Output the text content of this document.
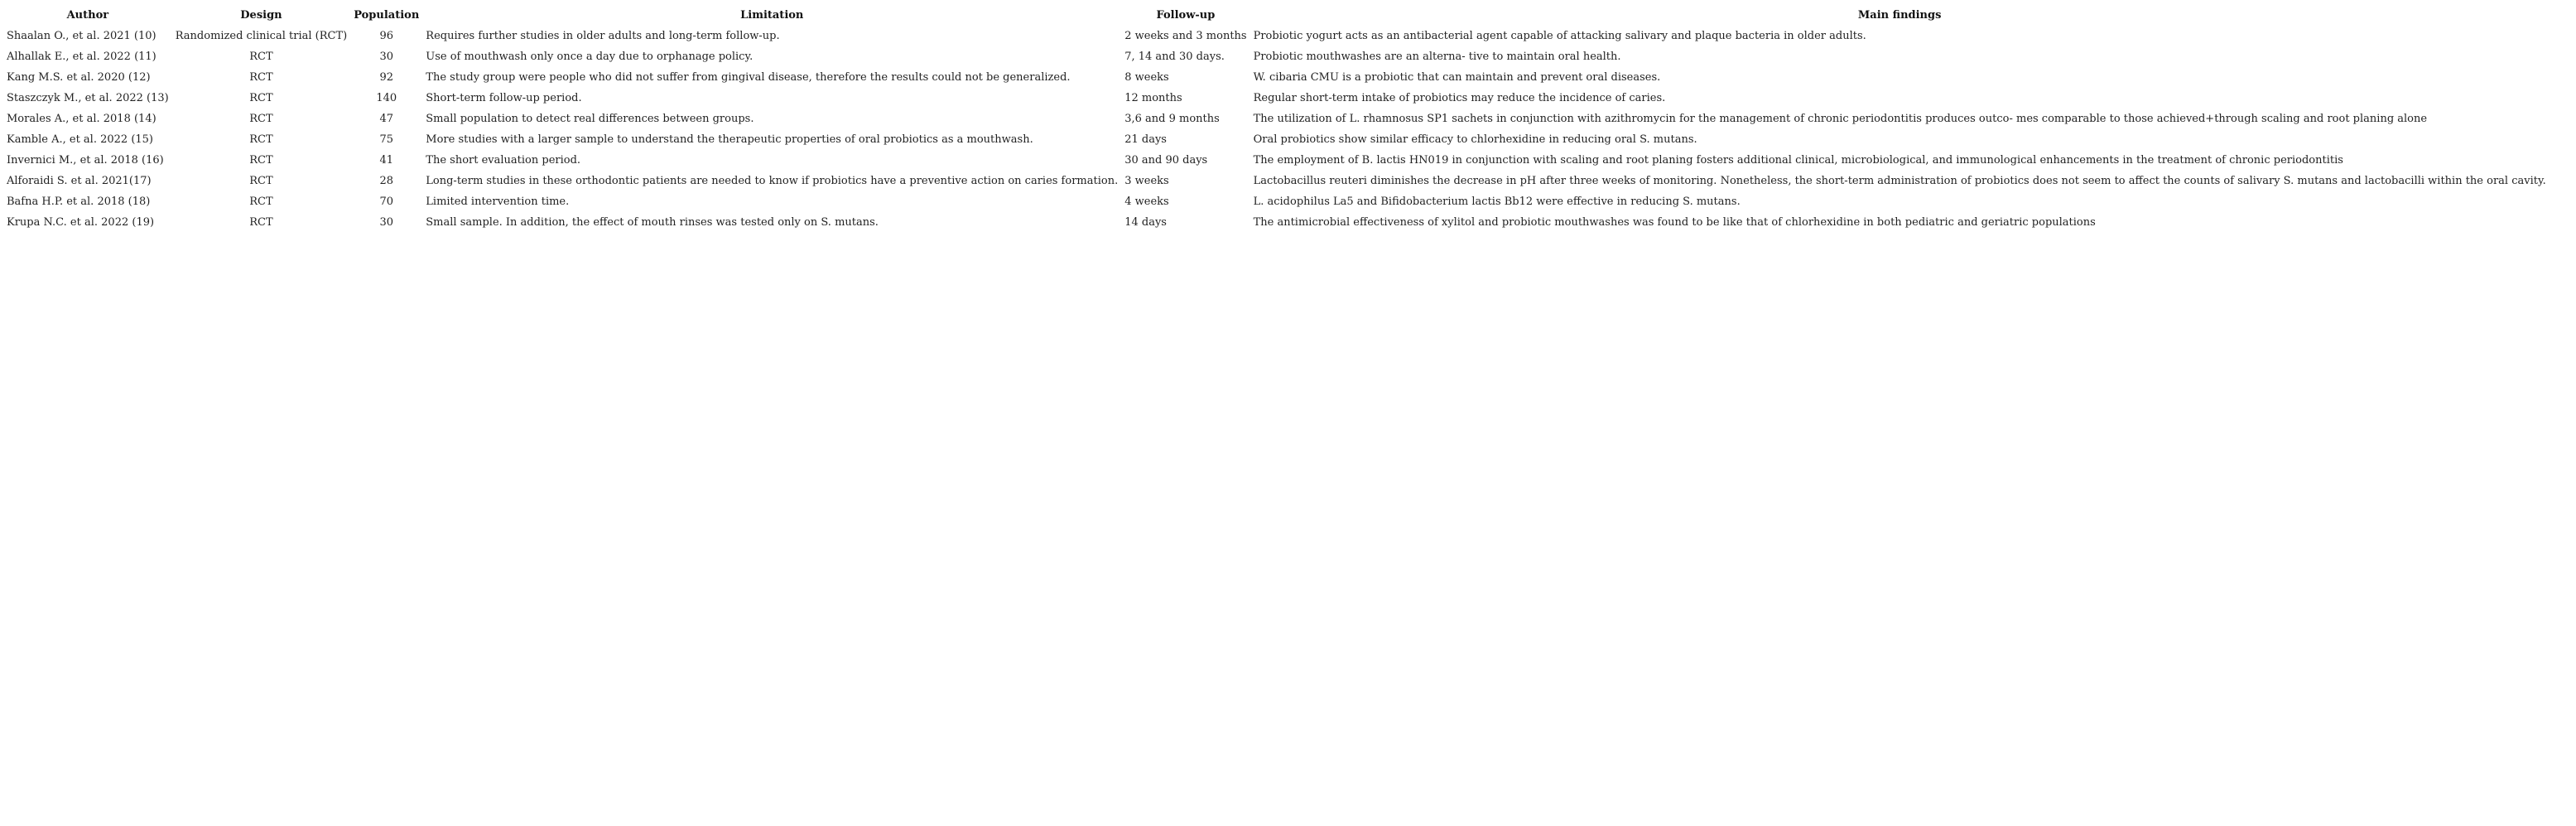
Author	Design	Population	Limitation	Follow-up	Main findings
Shaalan O., et al. 2021 (10)	Randomized clinical trial (RCT)	96	Requires further studies in older adults and long-term follow-up.	2 weeks and 3 months	Probiotic yogurt acts as an antibacterial agent capable of attacking salivary and plaque bacteria in older adults.
Alhallak E., et al. 2022 (11)	RCT	30	Use of mouthwash only once a day due to orphanage policy.	7, 14 and 30 days.	Probiotic mouthwashes are an alterna- tive to maintain oral health.
Kang M.S. et al. 2020 (12)	RCT	92	The study group were people who did not suffer from gingival disease, therefore the results could not be generalized.	8 weeks	W. cibaria CMU is a probiotic that can maintain and prevent oral diseases.
Staszczyk M., et al. 2022 (13)	RCT	140	Short-term follow-up period.	12 months	Regular short-term intake of probiotics may reduce the incidence of caries.
Morales A., et al. 2018 (14)	RCT	47	Small population to detect real differences between groups.	3,6 and 9 months	The utilization of L. rhamnosus SP1 sachets in conjunction with azithromycin for the management of chronic periodontitis produces outco- mes comparable to those achieved+through scaling and root planing alone
Kamble A., et al. 2022 (15)	RCT	75	More studies with a larger sample to understand the therapeutic properties of oral probiotics as a mouthwash.	21 days	Oral probiotics show similar efficacy to chlorhexidine in reducing oral S. mutans.
Invernici M., et al. 2018 (16)	RCT	41	The short evaluation period.	30 and 90 days	The employment of B. lactis HN019 in conjunction with scaling and root planing fosters additional clinical, microbiological, and immunological enhancements in the treatment of chronic periodontitis
Alforaidi S. et al. 2021(17)	RCT	28	Long-term studies in these orthodontic patients are needed to know if probiotics have a preventive action on caries formation.	3 weeks	Lactobacillus reuteri diminishes the decrease in pH after three weeks of monitoring. Nonetheless, the short-term administration of probiotics does not seem to affect the counts of salivary S. mutans and lactobacilli within the oral cavity.
Bafna H.P. et al. 2018 (18)	RCT	70	Limited intervention time.	4 weeks	L. acidophilus La5 and Bifidobacterium lactis Bb12 were effective in reducing S. mutans.
Krupa N.C. et al. 2022 (19)	RCT	30	Small sample. In addition, the effect of mouth rinses was tested only on S. mutans.	14 days	The antimicrobial effectiveness of xylitol and probiotic mouthwashes was found to be like that of chlorhexidine in both pediatric and geriatric populations
